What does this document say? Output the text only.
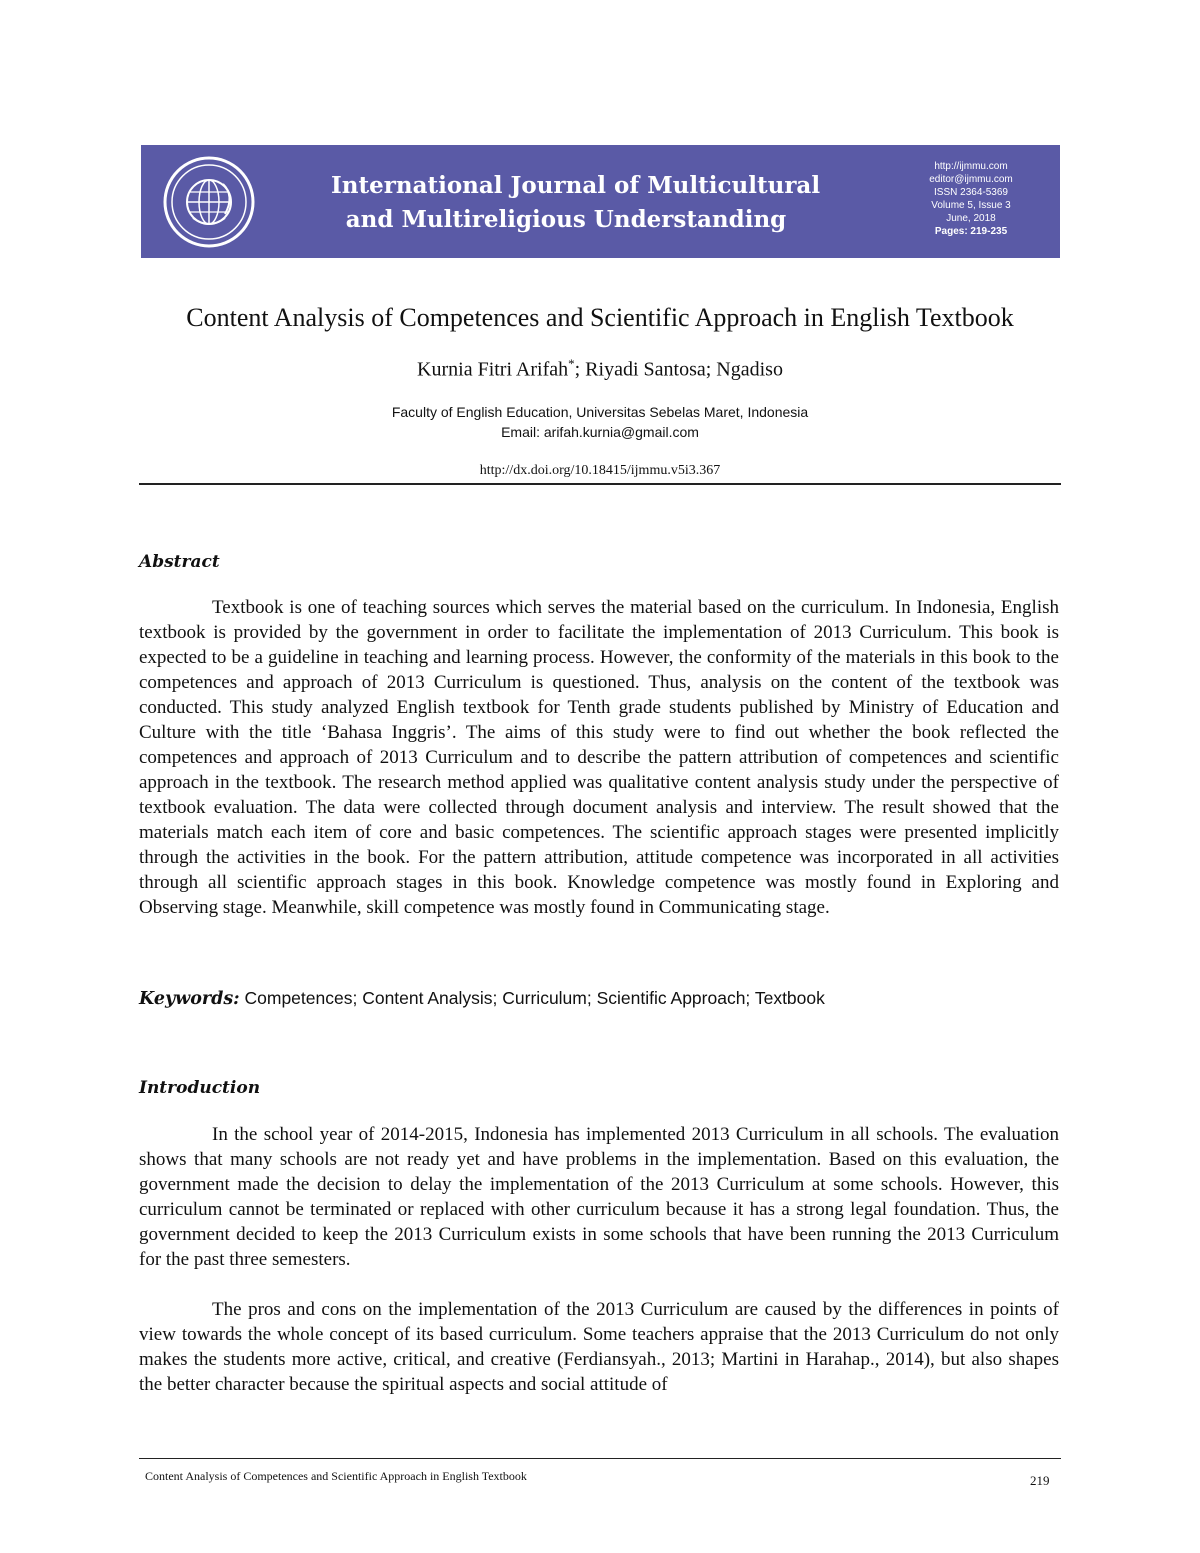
International Journal of Multicultural
and Multireligious Understanding
http://ijmmu.com
editor@ijmmu.com
ISSN 2364-5369
Volume 5, Issue 3
June, 2018
Pages: 219-235
Content Analysis of Competences and Scientific Approach in English Textbook
Kurnia Fitri Arifah*; Riyadi Santosa; Ngadiso
Faculty of English Education, Universitas Sebelas Maret, Indonesia
Email: arifah.kurnia@gmail.com
http://dx.doi.org/10.18415/ijmmu.v5i3.367
Abstract

Textbook is one of teaching sources which serves the material based on the curriculum. In Indonesia, English textbook is provided by the government in order to facilitate the implementation of 2013 Curriculum. This book is expected to be a guideline in teaching and learning process. However, the conformity of the materials in this book to the competences and approach of 2013 Curriculum is questioned. Thus, analysis on the content of the textbook was conducted. This study analyzed English textbook for Tenth grade students published by Ministry of Education and Culture with the title ‘Bahasa Inggris’. The aims of this study were to find out whether the book reflected the competences and approach of 2013 Curriculum and to describe the pattern attribution of competences and scientific approach in the textbook. The research method applied was qualitative content analysis study under the perspective of textbook evaluation. The data were collected through document analysis and interview. The result showed that the materials match each item of core and basic competences. The scientific approach stages were presented implicitly through the activities in the book. For the pattern attribution, attitude competence was incorporated in all activities through all scientific approach stages in this book. Knowledge competence was mostly found in Exploring and Observing stage. Meanwhile, skill competence was mostly found in Communicating stage.

Keywords: Competences; Content Analysis; Curriculum; Scientific Approach; Textbook
Introduction

In the school year of 2014-2015, Indonesia has implemented 2013 Curriculum in all schools. The evaluation shows that many schools are not ready yet and have problems in the implementation. Based on this evaluation, the government made the decision to delay the implementation of the 2013 Curriculum at some schools. However, this curriculum cannot be terminated or replaced with other curriculum because it has a strong legal foundation. Thus, the government decided to keep the 2013 Curriculum exists in some schools that have been running the 2013 Curriculum for the past three semesters.

The pros and cons on the implementation of the 2013 Curriculum are caused by the differences in points of view towards the whole concept of its based curriculum. Some teachers appraise that the 2013 Curriculum do not only makes the students more active, critical, and creative (Ferdiansyah., 2013; Martini in Harahap., 2014), but also shapes the better character because the spiritual aspects and social attitude of

Content Analysis of Competences and Scientific Approach in English Textbook	219
